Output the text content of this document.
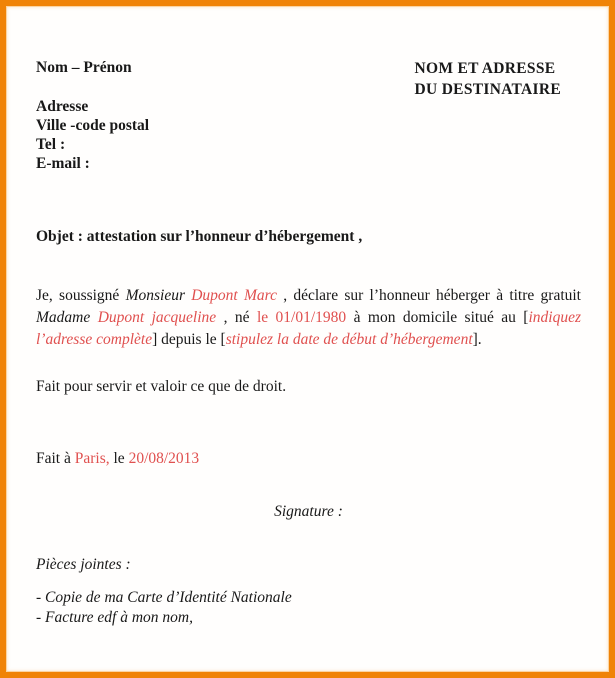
Nom – Prénon
Adresse
Ville -code postal
Tel :
E-mail :
NOM ET ADRESSE
DU DESTINATAIRE
Objet : attestation sur l’honneur d’hébergement ,
Je, soussigné Monsieur Dupont Marc , déclare sur l’honneur héberger à titre gratuit Madame Dupont jacqueline , né le 01/01/1980 à mon domicile situé au [indiquez l’adresse complète] depuis le [stipulez la date de début d’hébergement].
Fait pour servir et valoir ce que de droit.
Fait à Paris, le 20/08/2013
Signature :
Pièces jointes :
- Copie de ma Carte d’Identité Nationale
- Facture edf à mon nom,
